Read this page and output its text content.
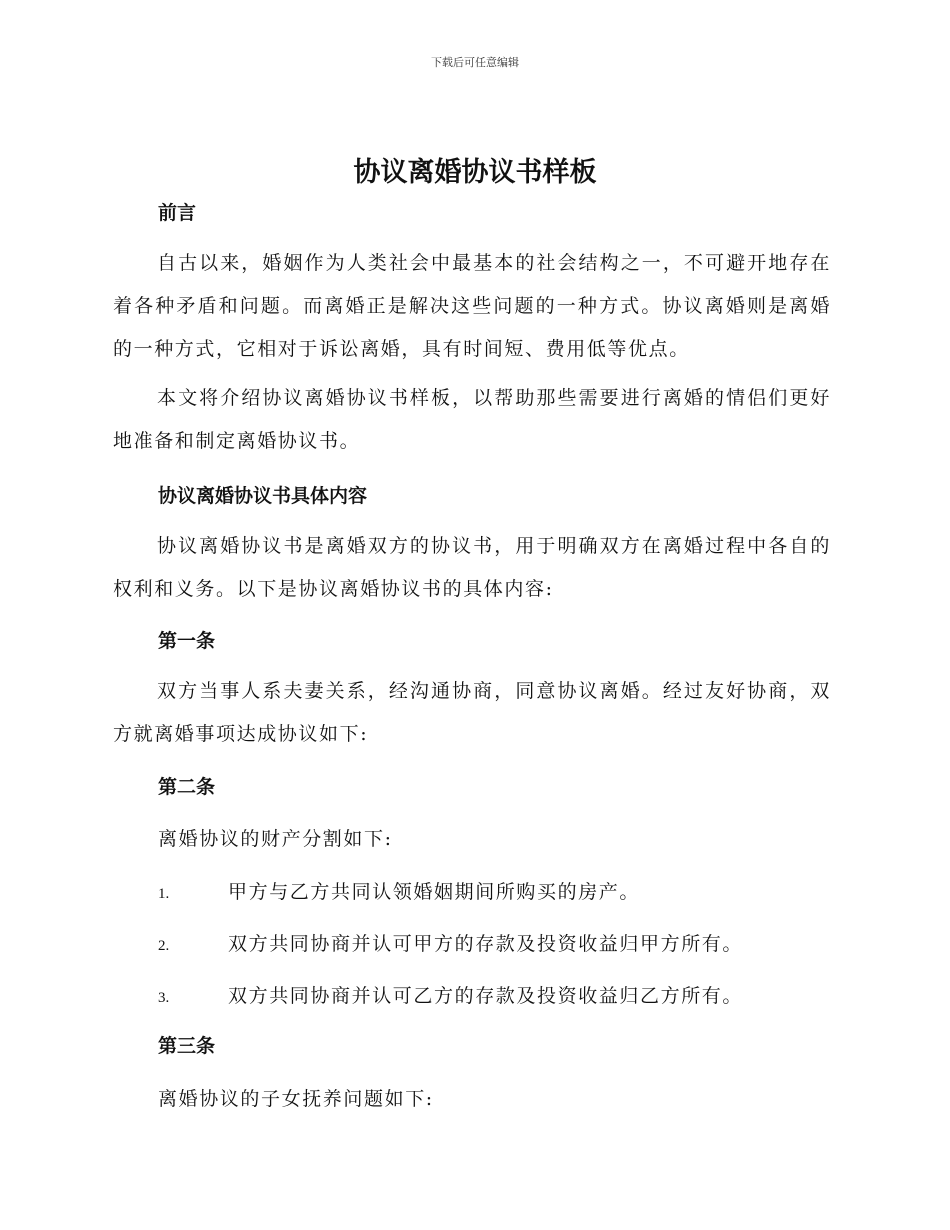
下载后可任意编辑
协议离婚协议书样板
前言
自古以来，婚姻作为人类社会中最基本的社会结构之一，不可避开地存在着各种矛盾和问题。而离婚正是解决这些问题的一种方式。协议离婚则是离婚的一种方式，它相对于诉讼离婚，具有时间短、费用低等优点。
本文将介绍协议离婚协议书样板，以帮助那些需要进行离婚的情侣们更好地准备和制定离婚协议书。
协议离婚协议书具体内容
协议离婚协议书是离婚双方的协议书，用于明确双方在离婚过程中各自的权利和义务。以下是协议离婚协议书的具体内容:
第一条
双方当事人系夫妻关系，经沟通协商，同意协议离婚。经过友好协商，双方就离婚事项达成协议如下:
第二条
离婚协议的财产分割如下:
1.	甲方与乙方共同认领婚姻期间所购买的房产。
2.	双方共同协商并认可甲方的存款及投资收益归甲方所有。
3.	双方共同协商并认可乙方的存款及投资收益归乙方所有。
第三条
离婚协议的子女抚养问题如下:
